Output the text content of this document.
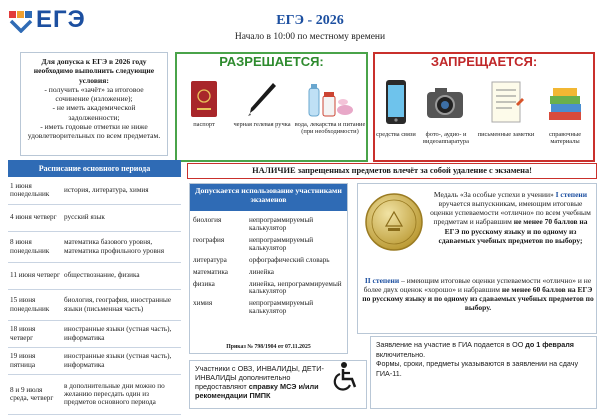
ЕГЭ	ЕГЭ - 2026
Начало в 10:00 по местному времени
Для допуска к ЕГЭ в 2026 году необходимо выполнить следующие условия:
- получить «зачёт» за итоговое сочинение (изложение);
- не иметь академической задолженности;
- иметь годовые отметки не ниже удовлетворительных по всем предметам.
РАЗРЕШАЕТСЯ:
паспорт	черная гелевая ручка вода, лекарства и питание (при необходимости)
ЗАПРЕЩАЕТСЯ:
средства связи	фото-, аудио- и видеоаппаратура
письменные заметки	справочные материалы
Расписание основного периода
1 июня понедельник	история, литература, химия
4 июня четверг	русский язык
8 июня понедельник	математика базового уровня, математика профильного уровня
11 июня четверг	обществознание, физика
15 июня понедельник	биология, география, иностранные языки (письменная часть)
18 июня четверг	иностранные языки (устная часть), информатика
19 июня пятница	иностранные языки (устная часть), информатика
8 и 9 июля среда, четверг	в дополнительные дни можно по желанию пересдать один из предметов основного периода
НАЛИЧИЕ запрещенных предметов влечёт за собой удаление с экзамена!
Допускается использование участниками экзаменов
биология	непрограммируемый калькулятор
география	непрограммируемый калькулятор
литература	орфографический словарь
математика	линейка
физика	линейка, непрограммируемый калькулятор
химия	непрограммируемый калькулятор
Приказ № 798/1904 от 07.11.2025
Медаль «За особые успехи в учении» I степени вручается выпускникам, имеющим итоговые оценки успеваемости «отлично» по всем учебным предметам и набравшим не менее 70 баллов на ЕГЭ по русскому языку и по одному из сдаваемых учебных предметов по выбору;
II степени – имеющим итоговые оценки успеваемости «отлично» и не более двух оценок «хорошо» и набравшим не менее 60 баллов на ЕГЭ по русскому языку и по одному из сдаваемых учебных предметов по выбору.
Участники с ОВЗ, ИНВАЛИДЫ, ДЕТИ-ИНВАЛИДЫ дополнительно предоставляют справку МСЭ и/или рекомендации ПМПК
Заявление на участие в ГИА подается в ОО до 1 февраля включительно.
Формы, сроки, предметы указываются в заявлении на сдачу ГИА-11.
